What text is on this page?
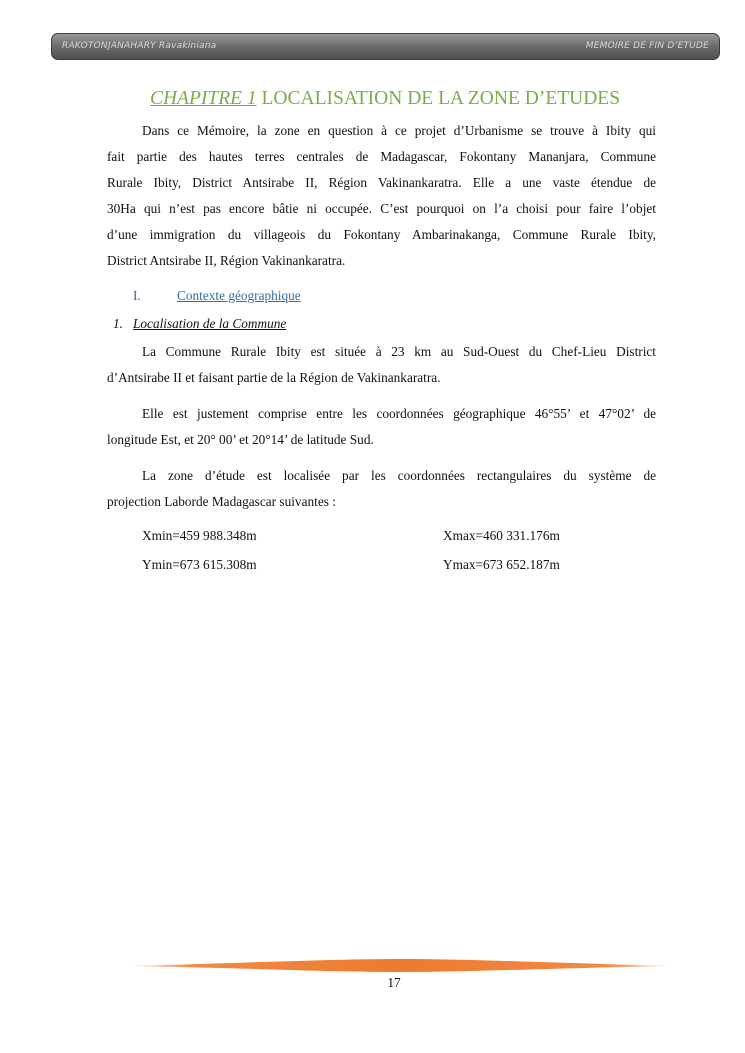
RAKOTONJANAHARY Ravakiniana	MEMOIRE DE FIN D’ETUDE
CHAPITRE 1 LOCALISATION DE LA ZONE D’ETUDES
Dans ce Mémoire, la zone en question à ce projet d’Urbanisme se trouve à Ibity qui
fait partie des hautes terres centrales de Madagascar, Fokontany Mananjara, Commune
Rurale Ibity, District Antsirabe II, Région Vakinankaratra. Elle a une vaste étendue de
30Ha qui n’est pas encore bâtie ni occupée. C’est pourquoi on l’a choisi pour faire l’objet
d’une immigration du villageois du Fokontany Ambarinakanga, Commune Rurale Ibity,
District Antsirabe II, Région Vakinankaratra.
I.	Contexte géographique
1. Localisation de la Commune
La Commune Rurale Ibity est située à 23 km au Sud-Ouest du Chef-Lieu District
d’Antsirabe II et faisant partie de la Région de Vakinankaratra.
Elle est justement comprise entre les coordonnées géographique 46°55’ et 47°02’ de
longitude Est, et 20° 00’ et 20°14’ de latitude Sud.
La zone d’étude est localisée par les coordonnées rectangulaires du système de
projection Laborde Madagascar suivantes :
Xmin=459 988.348m	Xmax=460 331.176m
Ymin=673 615.308m	Ymax=673 652.187m
17
